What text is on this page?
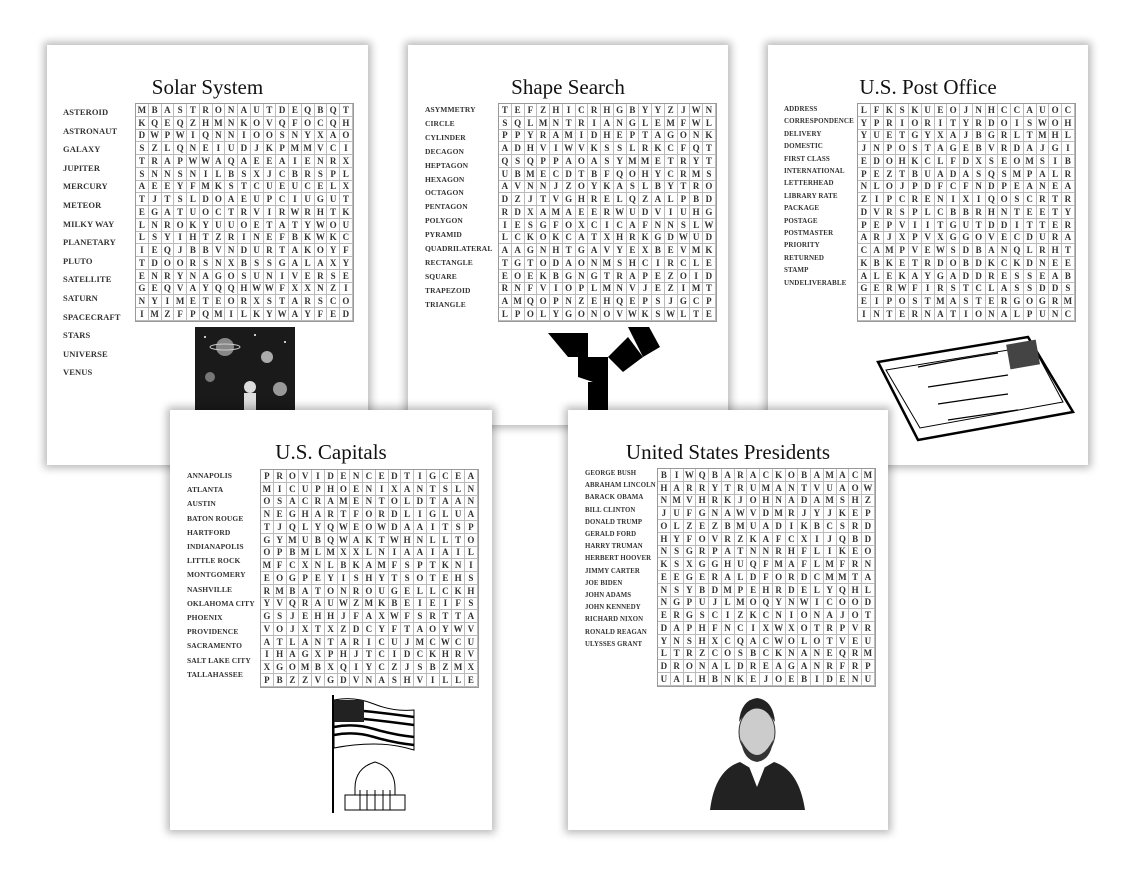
Solar System
ASTEROID
ASTRONAUT
GALAXY
JUPITER
MERCURY
METEOR
MILKY WAY
PLANETARY
PLUTO
SATELLITE
SATURN
SPACECRAFT
STARS
UNIVERSE
VENUS
M B A S T R O N A U T D E Q B Q T
K Q E Q Z H M N K O V Q F O C Q H
D W P W I Q N N I O O S N Y X A O
S Z L Q N E I U D J K P M M V C I
T R A P W W A Q A E E A I E N R X
S N N S N I L B S X J C B R S P L
A E E Y F M K S T C U E U C E L X
T J T S L D O A E U P C I U G U T
E G A T U O C T R V I R W R H T K
L N R O K Y U U O E T A T Y W O U
L S Y I H T Z R I N E F B K W K C
I E Q J B B V N D U R T A K O Y F
T D O O R S N X B S S G A L A X Y
E N R Y N A G O S U N I V E R S E
G E Q V A Y Q Q H W W F X X N Z I
N Y I M E T E O R X S T A R S C O
I M Z F P Q M I L K Y W A Y F E D
Shape Search
ASYMMETRY
CIRCLE
CYLINDER
DECAGON
HEPTAGON
HEXAGON
OCTAGON
PENTAGON
POLYGON
PYRAMID
QUADRILATERAL
RECTANGLE
SQUARE
TRAPEZOID
TRIANGLE
T E F Z H I C R H G B Y Y Z J W N
S Q L M N T R I A N G L E M F W L
P P Y R A M I D H E P T A G O N K
A D H V I W V K S S L R K C F Q T
Q S Q P P A O A S Y M M E T R Y T
U B M E C D T B F Q O H Y C R M S
A V N N J Z O Y K A S L B Y T R O
D Z J T V G H R E L Q Z A L P B D
R D X A M A E E R W U D V I U H G
I E S G F O X C I C A F N N S L W
L C K O K C A T X H R K G D W U D
A A G N H T G A V Y E X B E V M K
T G T O D A O N M S H C I R C L E
E O E K B G N G T R A P E Z O I D
R N F V I O P L M N V J E Z I M T
A M Q O P N Z E H Q E P S J G C P
L P O L Y G O N O V W K S W L T E
U.S. Post Office
ADDRESS
CORRESPONDENCE
DELIVERY
DOMESTIC
FIRST CLASS
INTERNATIONAL
LETTERHEAD
LIBRARY RATE
PACKAGE
POSTAGE
POSTMASTER
PRIORITY
RETURNED
STAMP
UNDELIVERABLE
L F K S K U E O J N H C C A U O C
Y P R I O R I T Y R D O I S W O H
Y U E T G Y X A J B G R L T M H L
J N P O S T A G E B V R D A J G I
E D O H K C L F D X S E O M S I B
P E Z T B U A D A S Q S M P A L R
N L O J P D F C F N D P E A N E A
Z I P C R E N I X I Q O S C R T R
D V R S P L C B B R H N T E E T Y
P E P V I	I T G U T D D I T T E R
A R J X P V X G G O V E C D U R A
C A M P V E W S D B A N Q L R H T
K B K E T R D O B D K C K D N E E
A L E K A Y G A D D R E S S E A B
G E R W F I R S T C L A S S D D S
E I P O S T M A S T E R G O G R M
I N T E R N A T I O N A L P U N C
U.S. Capitals
ANNAPOLIS
ATLANTA
AUSTIN
BATON ROUGE
HARTFORD
INDIANAPOLIS
LITTLE ROCK
MONTGOMERY
NASHVILLE
OKLAHOMA CITY
PHOENIX
PROVIDENCE
SACRAMENTO
SALT LAKE CITY
TALLAHASSEE
P R O V I D E N C E D T I G C E A
M I C U P H O E N I X A N T S L N
O S A C R A M E N T O L D T A A N
N E G H A R T F O R D L I G L U A
T J Q L Y Q W E O W D A A I T S P
G Y M U B Q W A K T W H N L L T O
O P B M L M X X L N I A A I A I L
M F C X N L B K A M F S P T K N I
E O G P E Y I S H Y T S O T E H S
R M B A T O N R O U G E L L C K H
Y V Q R A U W Z M K B E I E I F S
G S J E H H J F A X W F S R T T A
V O J X T X Z D C Y F T A O Y W V
A T L A N T A R I C U J M C W C U
I H A G X P H J T C I D C K H R V
X G O M B X Q I Y C Z J S B Z M X
P B Z Z V G D V N A S H V I L L E
United States Presidents
GEORGE BUSH
ABRAHAM LINCOLN
BARACK OBAMA
BILL CLINTON
DONALD TRUMP
GERALD FORD
HARRY TRUMAN
HERBERT HOOVER
JIMMY CARTER
JOE BIDEN
JOHN ADAMS
JOHN KENNEDY
RICHARD NIXON
RONALD REAGAN
ULYSSES GRANT
B I W Q B A R A C K O B A M A C M
H A R R Y T R U M A N T V U A O W
N M V H R K J O H N A D A M S H Z
J U F G N A W V D M R J Y J K E P
O L Z E Z B M U A D I K B C S R D
H Y F O V R Z K A F C X I J Q B D
N S G R P A T N N R H F L I K E O
K S X G G H U Q F M A F L M F R N
E E G E R A L D F O R D C M M T A
N S Y B D M P E H R D E L Y Q H L
N G P U J L M O Q Y N W I C O O D
E R G S C I Z K C N I O N A J O T
D A P H F N C I X W X O T R P V R
Y N S H X C Q A C W O L O T V E U
L T R Z C O S B C K N A N E Q R M
D R O N A L D R E A G A N R F R P
U A L H B N K E J O E B I D E N U
